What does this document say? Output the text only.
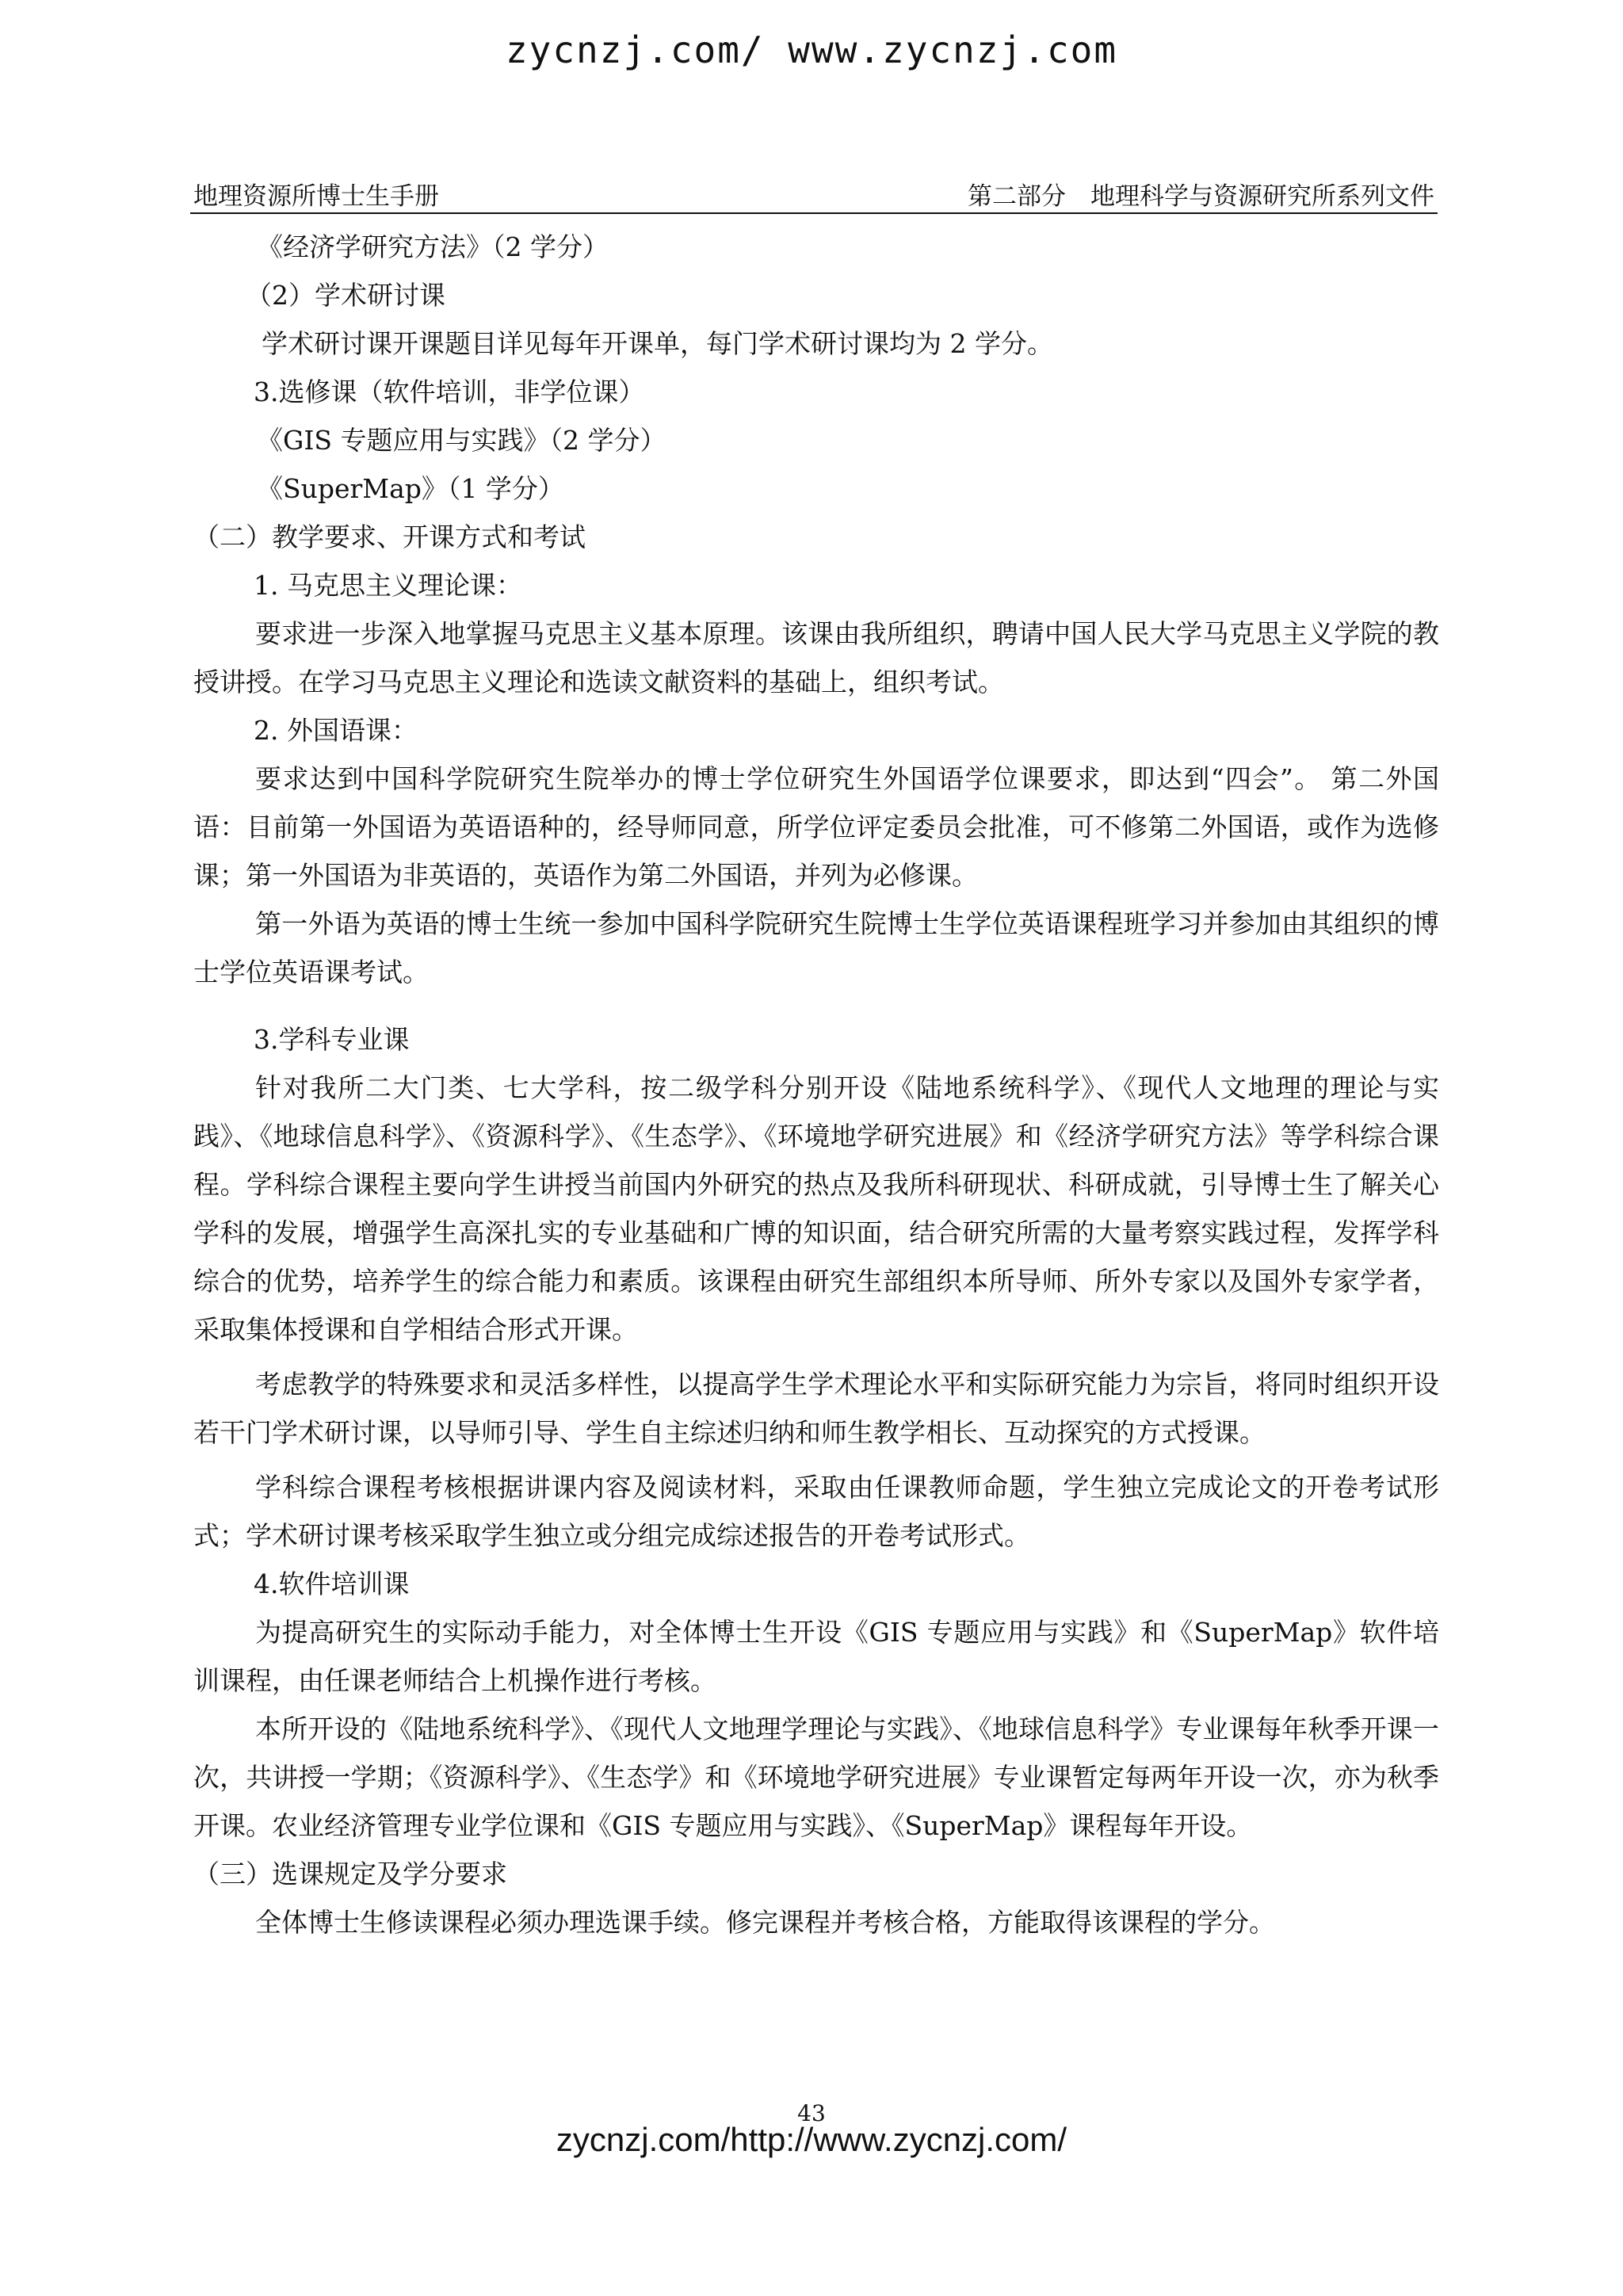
zycnzj.com/ www.zycnzj.com
地理资源所博士生手册	第二部分　地理科学与资源研究所系列文件

《经济学研究方法》（2 学分）

（2）学术研讨课

学术研讨课开课题目详见每年开课单，每门学术研讨课均为 2 学分。

3.选修课（软件培训，非学位课）

《GIS 专题应用与实践》（2 学分）

《SuperMap》（1 学分）

（二）教学要求、开课方式和考试

1. 马克思主义理论课：

要求进一步深入地掌握马克思主义基本原理。该课由我所组织，聘请中国人民大学马克思主义学院的教授讲授。在学习马克思主义理论和选读文献资料的基础上，组织考试。

2. 外国语课：

要求达到中国科学院研究生院举办的博士学位研究生外国语学位课要求，即达到“四会”。 第二外国语：目前第一外国语为英语语种的，经导师同意，所学位评定委员会批准，可不修第二外国语，或作为选修课；第一外国语为非英语的，英语作为第二外国语，并列为必修课。

第一外语为英语的博士生统一参加中国科学院研究生院博士生学位英语课程班学习并参加由其组织的博士学位英语课考试。

3.学科专业课

针对我所二大门类、七大学科，按二级学科分别开设《陆地系统科学》、《现代人文地理的理论与实践》、《地球信息科学》、《资源科学》、《生态学》、《环境地学研究进展》和《经济学研究方法》等学科综合课程。学科综合课程主要向学生讲授当前国内外研究的热点及我所科研现状、科研成就，引导博士生了解关心学科的发展，增强学生高深扎实的专业基础和广博的知识面，结合研究所需的大量考察实践过程，发挥学科综合的优势，培养学生的综合能力和素质。该课程由研究生部组织本所导师、所外专家以及国外专家学者，采取集体授课和自学相结合形式开课。

考虑教学的特殊要求和灵活多样性，以提高学生学术理论水平和实际研究能力为宗旨，将同时组织开设若干门学术研讨课，以导师引导、学生自主综述归纳和师生教学相长、互动探究的方式授课。

学科综合课程考核根据讲课内容及阅读材料，采取由任课教师命题，学生独立完成论文的开卷考试形式；学术研讨课考核采取学生独立或分组完成综述报告的开卷考试形式。

4.软件培训课

为提高研究生的实际动手能力，对全体博士生开设《GIS 专题应用与实践》和《SuperMap》软件培训课程，由任课老师结合上机操作进行考核。

本所开设的《陆地系统科学》、《现代人文地理学理论与实践》、《地球信息科学》专业课每年秋季开课一次，共讲授一学期；《资源科学》、《生态学》和《环境地学研究进展》专业课暂定每两年开设一次，亦为秋季开课。农业经济管理专业学位课和《GIS 专题应用与实践》、《SuperMap》课程每年开设。

（三）选课规定及学分要求

全体博士生修读课程必须办理选课手续。修完课程并考核合格，方能取得该课程的学分。

43
zycnzj.com/http://www.zycnzj.com/
